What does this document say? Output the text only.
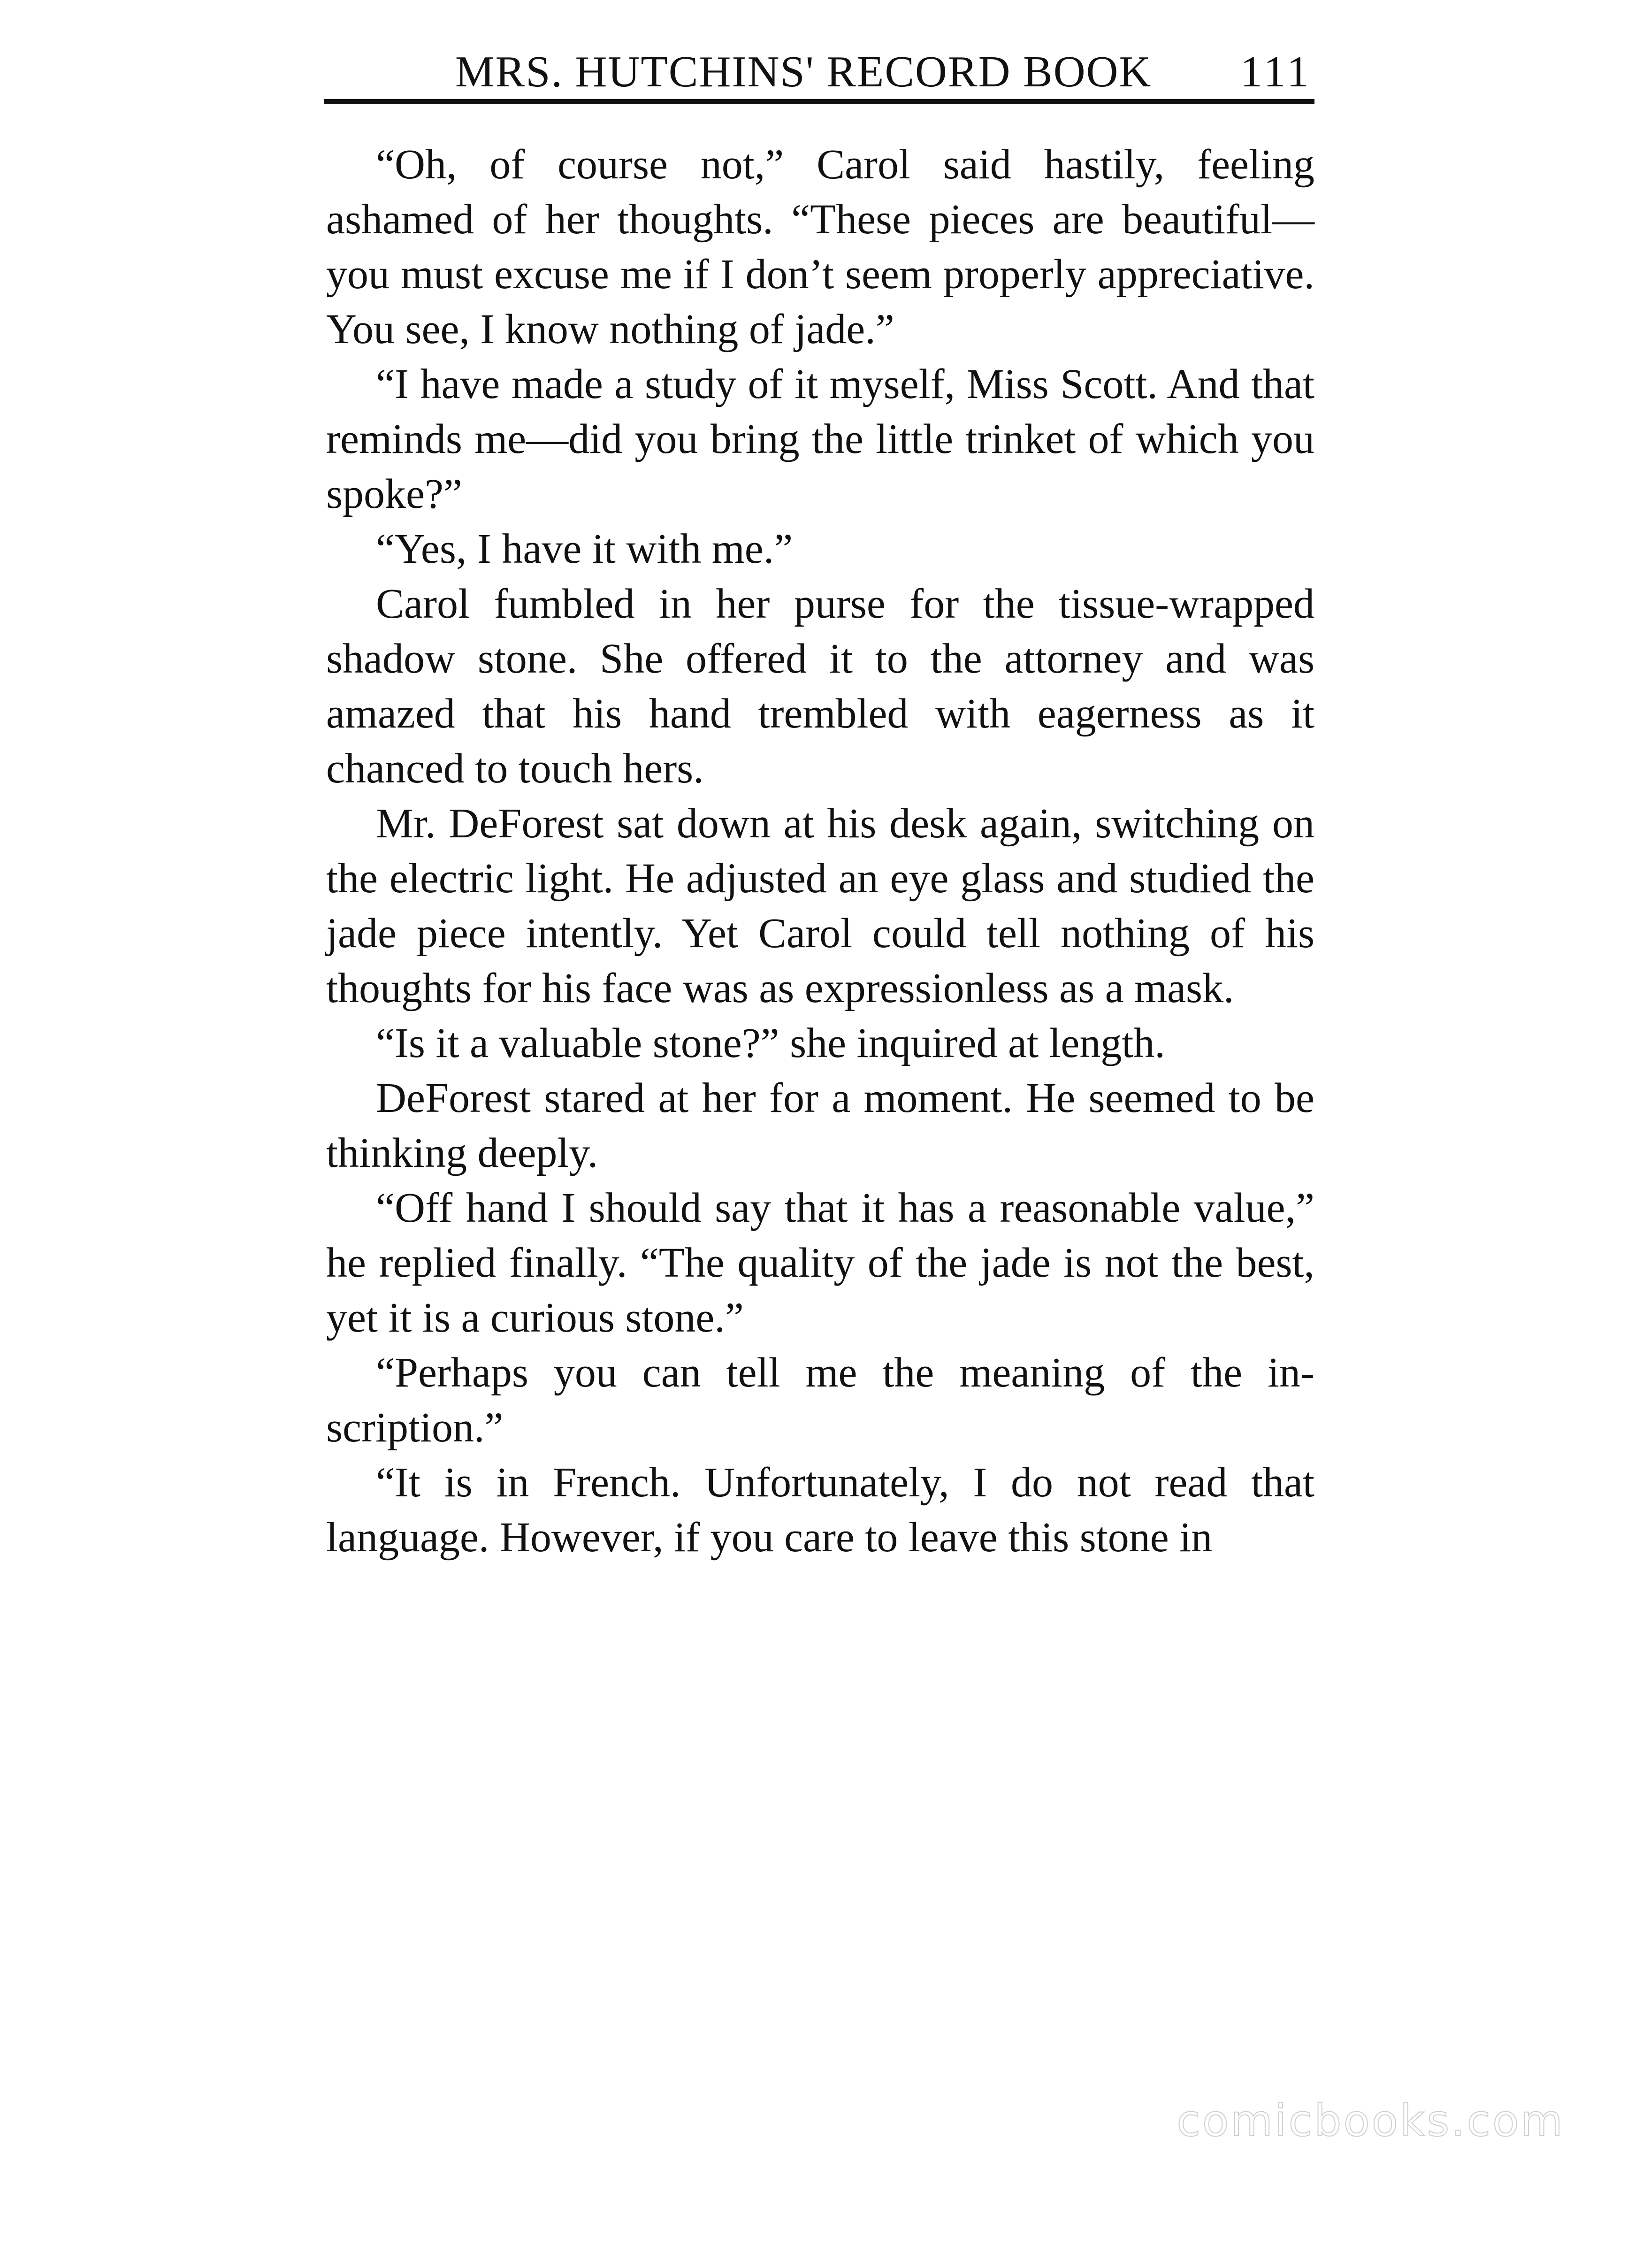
MRS. HUTCHINS' RECORD BOOK 111

“Oh, of course not,” Carol said hastily, feeling ashamed of her thoughts. “These pieces are beautiful—you must excuse me if I don’t seem properly appreciative. You see, I know nothing of jade.”

“I have made a study of it myself, Miss Scott. And that reminds me—did you bring the little trinket of which you spoke?”

“Yes, I have it with me.”

Carol fumbled in her purse for the tissue-wrapped shadow stone. She offered it to the attorney and was amazed that his hand trembled with eagerness as it chanced to touch hers.

Mr. DeForest sat down at his desk again, switching on the electric light. He adjusted an eye glass and studied the jade piece intently. Yet Carol could tell nothing of his thoughts for his face was as expressionless as a mask.

“Is it a valuable stone?” she inquired at length.

DeForest stared at her for a moment. He seemed to be thinking deeply.

“Off hand I should say that it has a reasonable value,” he replied finally. “The quality of the jade is not the best, yet it is a curious stone.”

“Perhaps you can tell me the meaning of the inscription.”

“It is in French. Unfortunately, I do not read that language. However, if you care to leave this stone in

comicbooks.com
